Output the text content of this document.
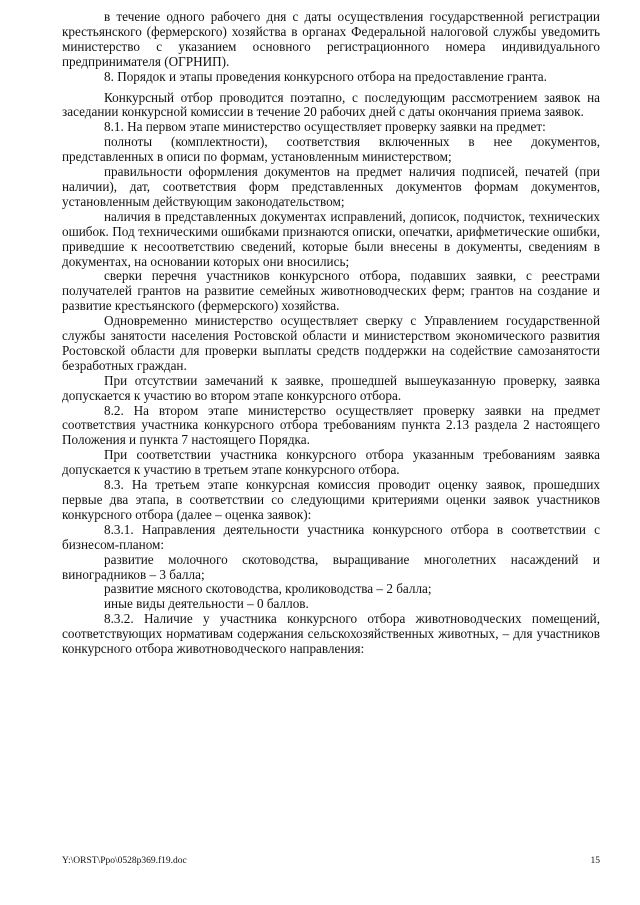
в течение одного рабочего дня с даты осуществления государственной регистрации крестьянского (фермерского) хозяйства в органах Федеральной налоговой службы уведомить министерство с указанием основного регистрационного номера индивидуального предпринимателя (ОГРНИП).

8. Порядок и этапы проведения конкурсного отбора на предоставление гранта.

Конкурсный отбор проводится поэтапно, с последующим рассмотрением заявок на заседании конкурсной комиссии в течение 20 рабочих дней с даты окончания приема заявок.

8.1. На первом этапе министерство осуществляет проверку заявки на предмет:

полноты (комплектности), соответствия включенных в нее документов, представленных в описи по формам, установленным министерством;

правильности оформления документов на предмет наличия подписей, печатей (при наличии), дат, соответствия форм представленных документов формам документов, установленным действующим законодательством;

наличия в представленных документах исправлений, дописок, подчисток, технических ошибок. Под техническими ошибками признаются описки, опечатки, арифметические ошибки, приведшие к несоответствию сведений, которые были внесены в документы, сведениям в документах, на основании которых они вносились;

сверки перечня участников конкурсного отбора, подавших заявки, с реестрами получателей грантов на развитие семейных животноводческих ферм; грантов на создание и развитие крестьянского (фермерского) хозяйства.

Одновременно министерство осуществляет сверку с Управлением государственной службы занятости населения Ростовской области и министерством экономического развития Ростовской области для проверки выплаты средств поддержки на содействие самозанятости безработных граждан.

При отсутствии замечаний к заявке, прошедшей вышеуказанную проверку, заявка допускается к участию во втором этапе конкурсного отбора.

8.2. На втором этапе министерство осуществляет проверку заявки на предмет соответствия участника конкурсного отбора требованиям пункта 2.13 раздела 2 настоящего Положения и пункта 7 настоящего Порядка.

При соответствии участника конкурсного отбора указанным требованиям заявка допускается к участию в третьем этапе конкурсного отбора.

8.3. На третьем этапе конкурсная комиссия проводит оценку заявок, прошедших первые два этапа, в соответствии со следующими критериями оценки заявок участников конкурсного отбора (далее – оценка заявок):

8.3.1. Направления деятельности участника конкурсного отбора в соответствии с бизнесом-планом:

развитие молочного скотоводства, выращивание многолетних насаждений и виноградников – 3 балла;

развитие мясного скотоводства, кролиководства – 2 балла;

иные виды деятельности – 0 баллов.

8.3.2. Наличие у участника конкурсного отбора животноводческих помещений, соответствующих нормативам содержания сельскохозяйственных животных, – для участников конкурсного отбора животноводческого направления:

Y:\ORST\Ppo\0528p369.f19.doc	15
